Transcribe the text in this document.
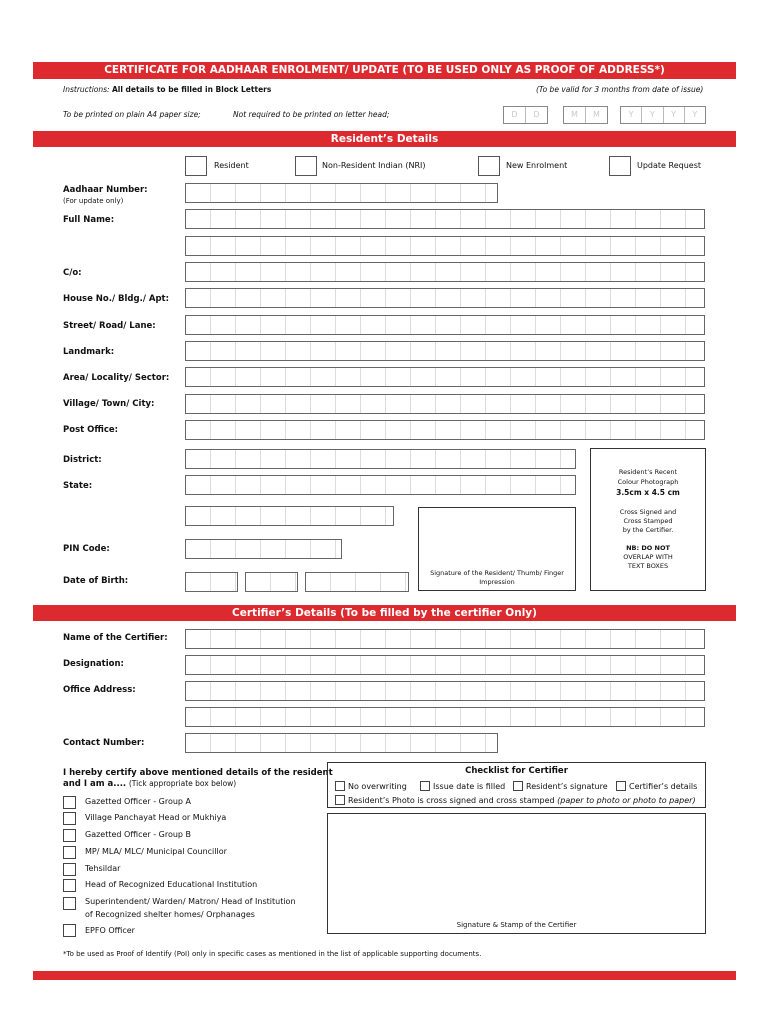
CERTIFICATE FOR AADHAAR ENROLMENT/ UPDATE (TO BE USED ONLY AS PROOF OF ADDRESS*)
Instructions: All details to be filled in Block Letters	(To be valid for 3 months from date of issue)
To be printed on plain A4 paper size;	Not required to be printed on letter head;	D	D	M	M	Y	Y	Y	Y
Resident’s Details
Resident	Non-Resident Indian (NRI)	New Enrolment	Update Request
Aadhaar Number:
(For update only)
Full Name:
C/o:
House No./ Bldg./ Apt:
Street/ Road/ Lane:
Landmark:
Area/ Locality/ Sector:
Village/ Town/ City:
Post Office:
District:
State:
PIN Code:
Date of Birth:
Signature of the Resident/ Thumb/ Finger Impression
Resident’s Recent
Colour Photograph
3.5cm x 4.5 cm
Cross Signed and
Cross Stamped
by the Certifier.
NB: DO NOT
OVERLAP WITH
TEXT BOXES
Certifier’s Details (To be filled by the certifier Only)
Name of the Certifier:
Designation:
Office Address:
Contact Number:
I hereby certify above mentioned details of the resident
and I am a.... (Tick appropriate box below)
Gazetted Officer - Group A
Village Panchayat Head or Mukhiya
Gazetted Officer - Group B
MP/ MLA/ MLC/ Municipal Councillor
Tehsildar
Head of Recognized Educational Institution
Superintendent/ Warden/ Matron/ Head of Institution
of Recognized shelter homes/ Orphanages
EPFO Officer
Checklist for Certifier
No overwriting	Issue date is filled	Resident’s signature	Certifier’s details
Resident’s Photo is cross signed and cross stamped (paper to photo or photo to paper)
Signature & Stamp of the Certifier
*To be used as Proof of Identify (PoI) only in specific cases as mentioned in the list of applicable supporting documents.
